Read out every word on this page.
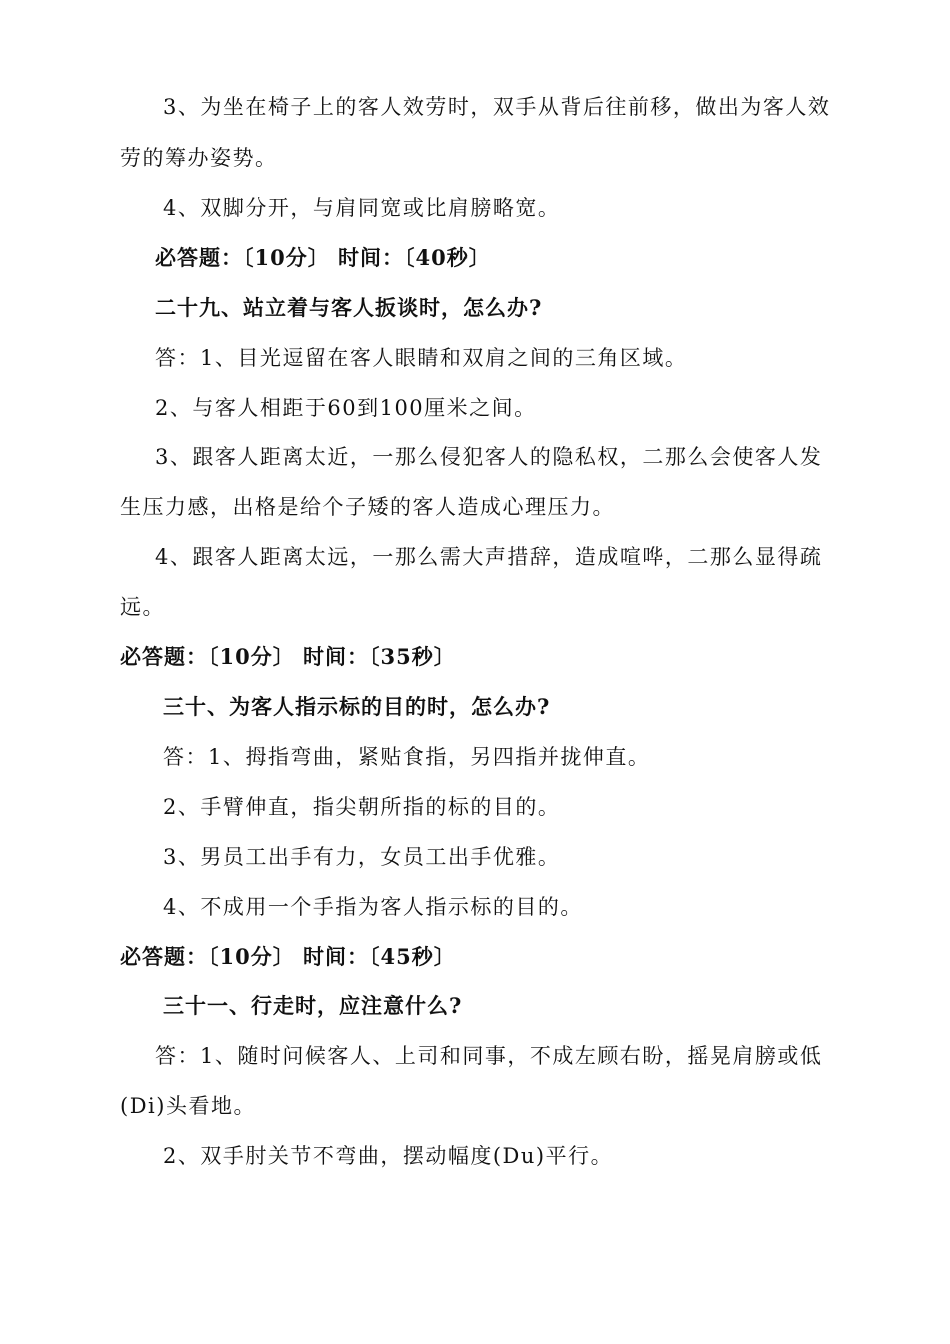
3、为坐在椅子上的客人效劳时，双手从背后往前移，做出为客人效
劳的筹办姿势。
4、双脚分开，与肩同宽或比肩膀略宽。
必答题：〔10分〕 时间：〔40秒〕
二十九、站立着与客人扳谈时，怎么办?
答：1、目光逗留在客人眼睛和双肩之间的三角区域。
2、与客人相距于60到100厘米之间。
3、跟客人距离太近，一那么侵犯客人的隐私权，二那么会使客人发
生压力感，出格是给个子矮的客人造成心理压力。
4、跟客人距离太远，一那么需大声措辞，造成喧哗，二那么显得疏
远。
必答题：〔10分〕 时间：〔35秒〕
三十、为客人指示标的目的时，怎么办?
答：1、拇指弯曲，紧贴食指，另四指并拢伸直。
2、手臂伸直，指尖朝所指的标的目的。
3、男员工出手有力，女员工出手优雅。
4、不成用一个手指为客人指示标的目的。
必答题：〔10分〕 时间：〔45秒〕
三十一、行走时，应注意什么?
答：1、随时问候客人、上司和同事，不成左顾右盼，摇晃肩膀或低
(Di)头看地。
2、双手肘关节不弯曲，摆动幅度(Du)平行。
